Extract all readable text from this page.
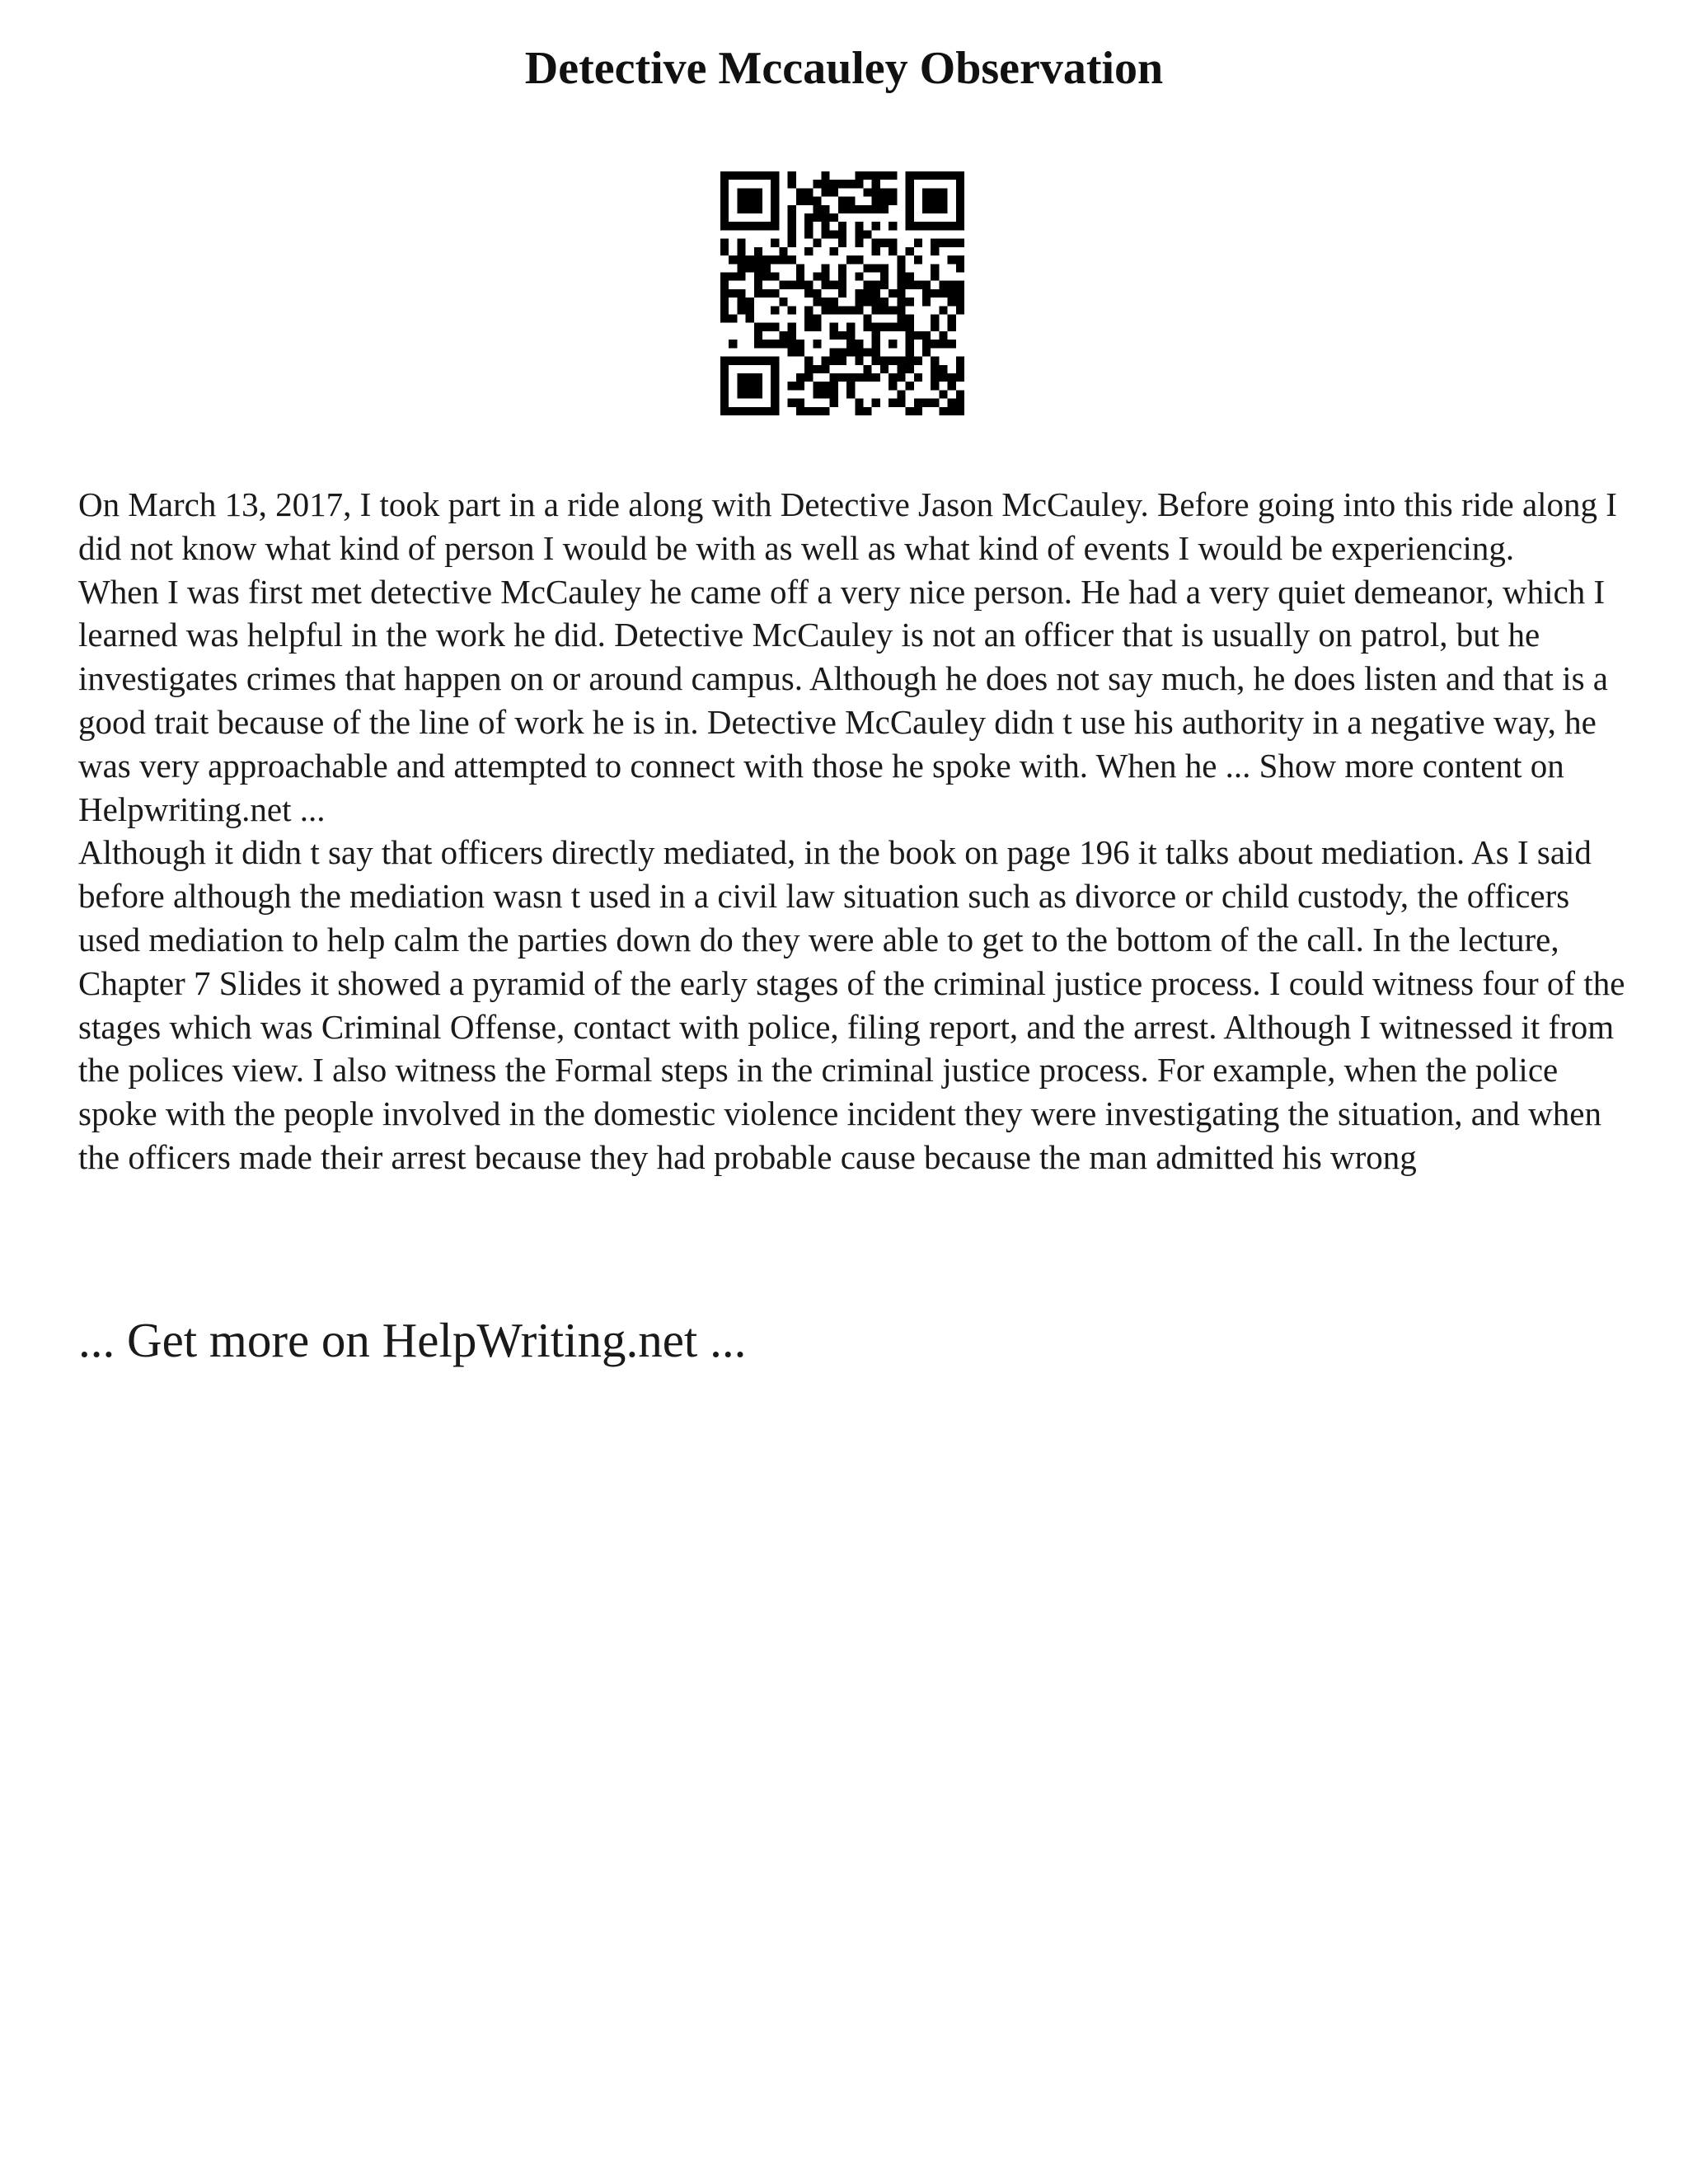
Detective Mccauley Observation

On March 13, 2017, I took part in a ride along with Detective Jason McCauley. Before going into this ride along I did not know what kind of person I would be with as well as what kind of events I would be experiencing.

When I was first met detective McCauley he came off a very nice person. He had a very quiet demeanor, which I learned was helpful in the work he did. Detective McCauley is not an officer that is usually on patrol, but he investigates crimes that happen on or around campus. Although he does not say much, he does listen and that is a good trait because of the line of work he is in. Detective McCauley didn t use his authority in a negative way, he was very approachable and attempted to connect with those he spoke with. When he ... Show more content on Helpwriting.net ...

Although it didn t say that officers directly mediated, in the book on page 196 it talks about mediation. As I said before although the mediation wasn t used in a civil law situation such as divorce or child custody, the officers used mediation to help calm the parties down do they were able to get to the bottom of the call. In the lecture, Chapter 7 Slides it showed a pyramid of the early stages of the criminal justice process. I could witness four of the stages which was Criminal Offense, contact with police, filing report, and the arrest. Although I witnessed it from the polices view. I also witness the Formal steps in the criminal justice process. For example, when the police spoke with the people involved in the domestic violence incident they were investigating the situation, and when the officers made their arrest because they had probable cause because the man admitted his wrong

... Get more on HelpWriting.net ...
